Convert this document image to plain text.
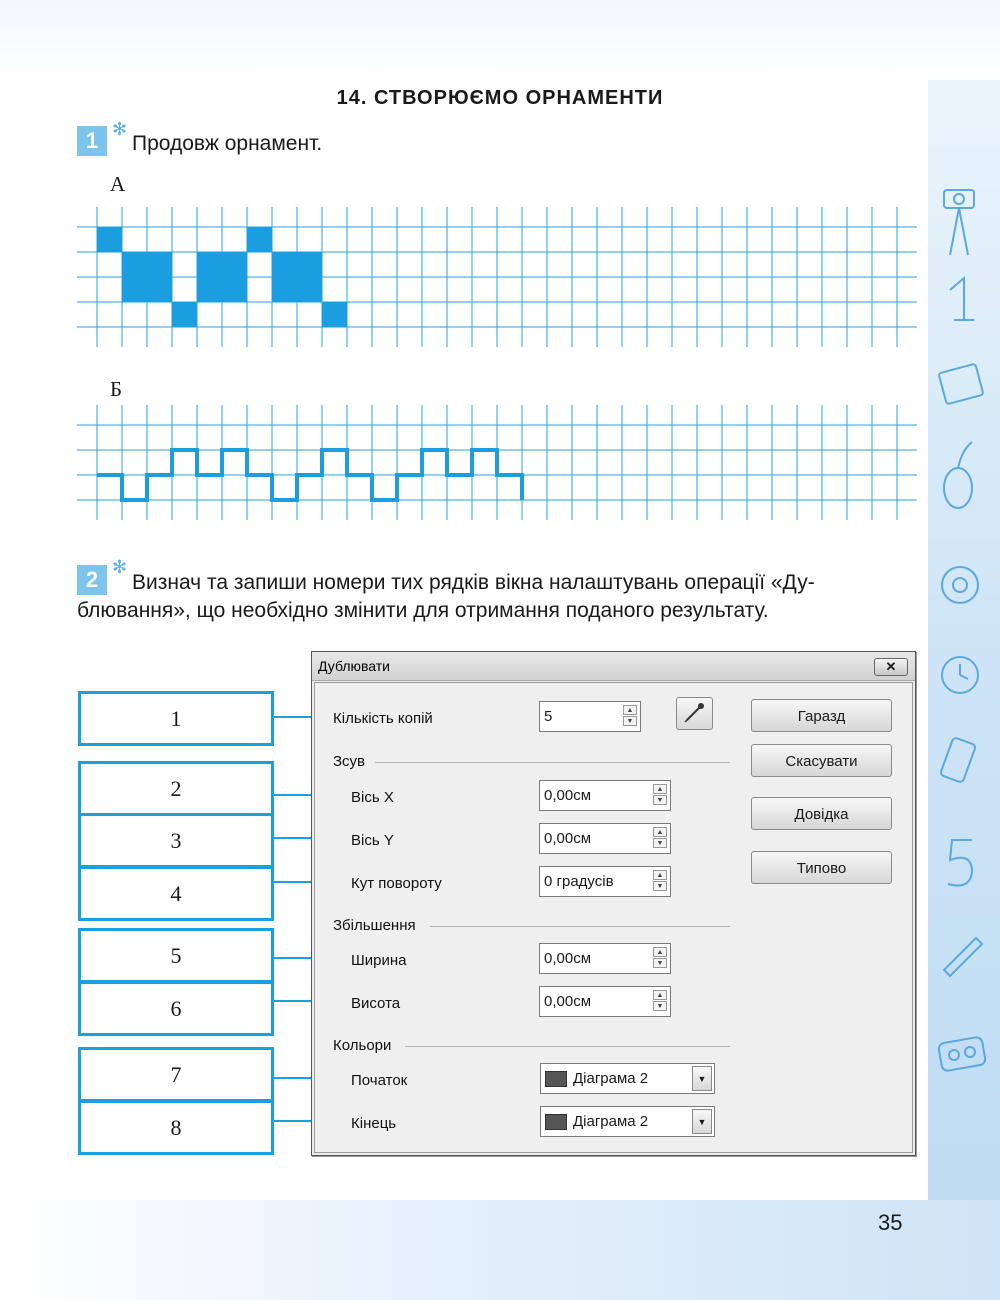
14. СТВОРЮЄМО ОРНАМЕНТИ
1 ✻
Продовж орнамент.
А
Б
2 ✻
Визнач та запиши номери тих рядків вікна налаштувань операції «Ду-
блювання», що необхідно змінити для отримання поданого результату.
1
2
3
4
5
6
7
8
Дублювати	✕
Кількість копій	5	▲
▼
Зсув
Вісь X	0,00см	▲
▼
Вісь Y	0,00см	▲
▼
Кут повороту	0 градусів	▲
▼
Збільшення
Ширина	0,00см	▲
▼
Висота	0,00см	▲
▼
Кольори
Початок	Діаграма 2	▼
Кінець	Діаграма 2	▼
Гаразд
Скасувати
Довідка
Типово
35
